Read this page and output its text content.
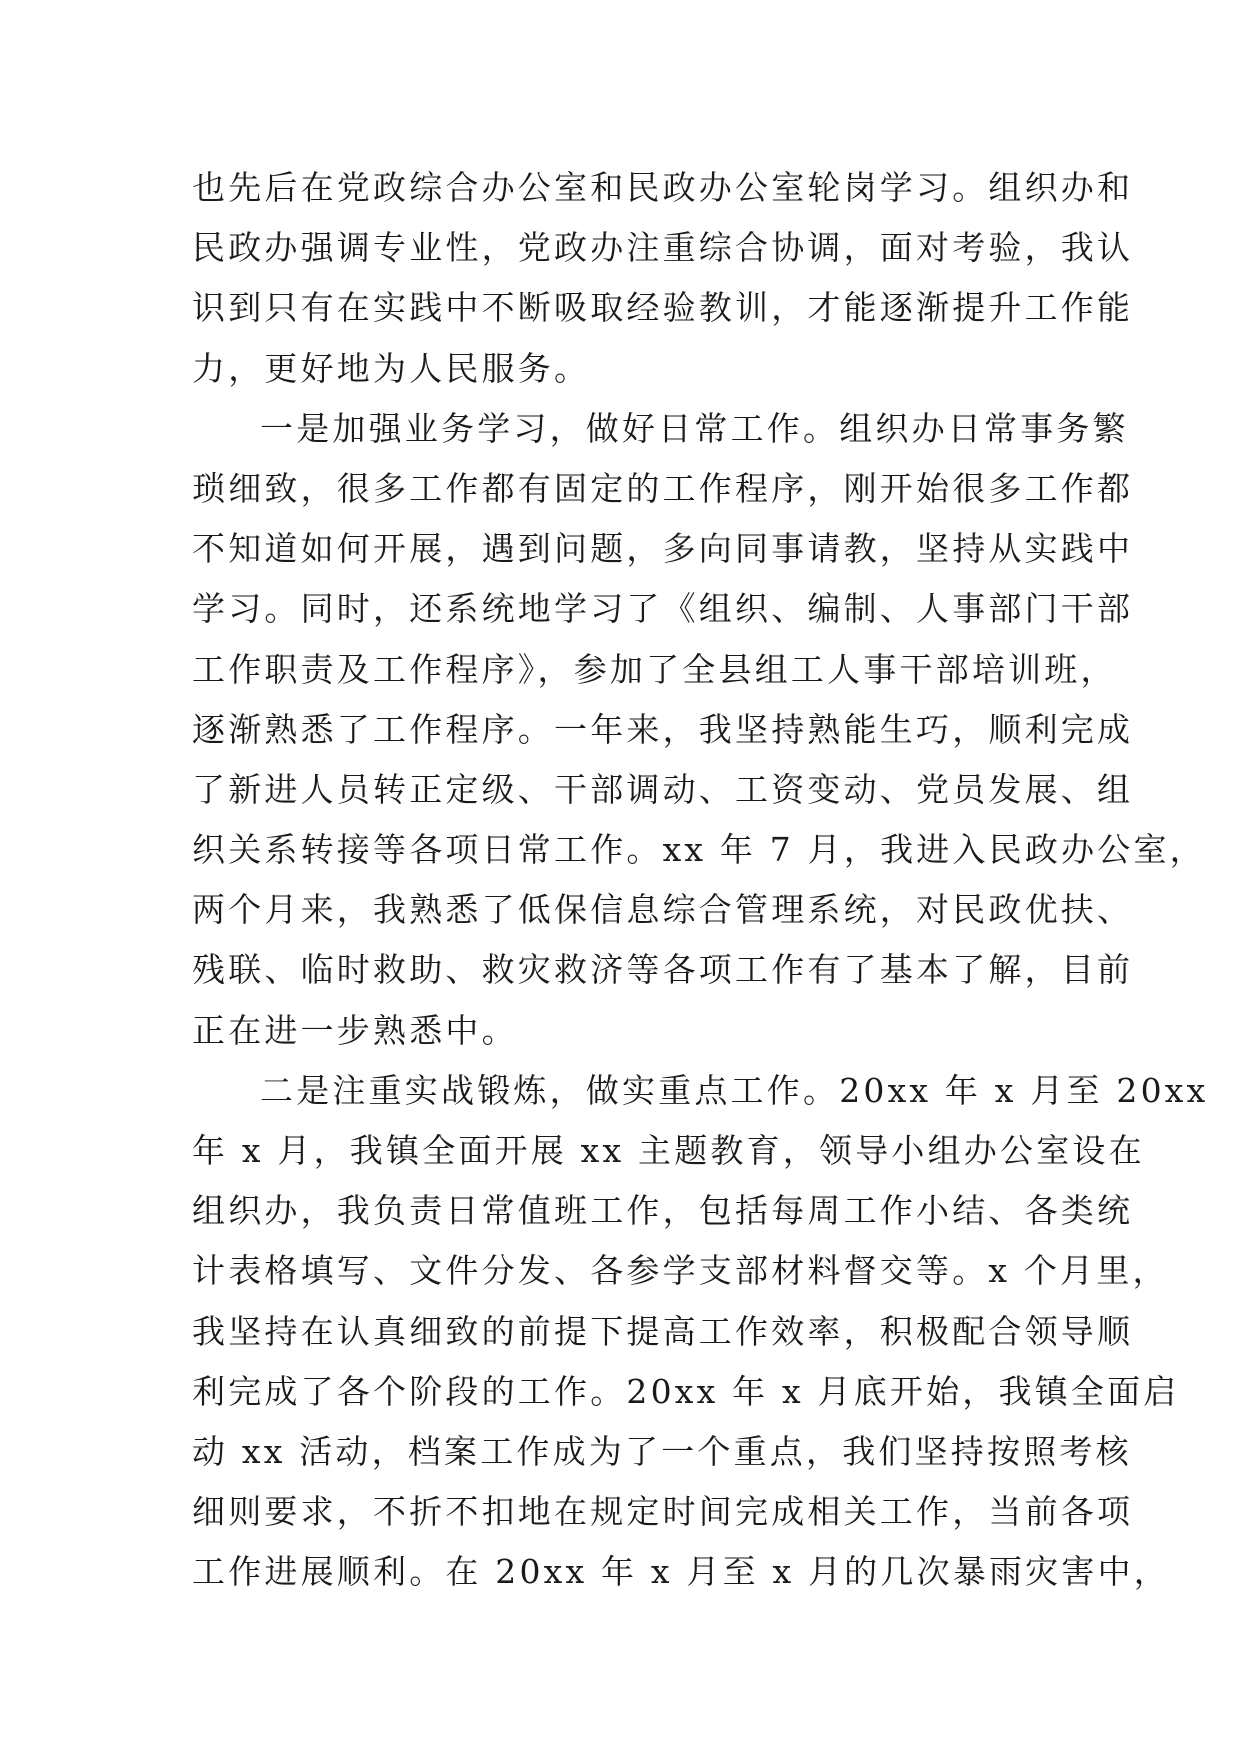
也先后在党政综合办公室和民政办公室轮岗学习。组织办和
民政办强调专业性，党政办注重综合协调，面对考验，我认
识到只有在实践中不断吸取经验教训，才能逐渐提升工作能
力，更好地为人民服务。
一是加强业务学习，做好日常工作。组织办日常事务繁
琐细致，很多工作都有固定的工作程序，刚开始很多工作都
不知道如何开展，遇到问题，多向同事请教，坚持从实践中
学习。同时，还系统地学习了《组织、编制、人事部门干部
工作职责及工作程序》，参加了全县组工人事干部培训班，
逐渐熟悉了工作程序。一年来，我坚持熟能生巧，顺利完成
了新进人员转正定级、干部调动、工资变动、党员发展、组
织关系转接等各项日常工作。xx 年 7 月，我进入民政办公室，
两个月来，我熟悉了低保信息综合管理系统，对民政优扶、
残联、临时救助、救灾救济等各项工作有了基本了解，目前
正在进一步熟悉中。
二是注重实战锻炼，做实重点工作。20xx 年 x 月至 20xx
年 x 月，我镇全面开展 xx 主题教育，领导小组办公室设在
组织办，我负责日常值班工作，包括每周工作小结、各类统
计表格填写、文件分发、各参学支部材料督交等。x 个月里，
我坚持在认真细致的前提下提高工作效率，积极配合领导顺
利完成了各个阶段的工作。20xx 年 x 月底开始，我镇全面启
动 xx 活动，档案工作成为了一个重点，我们坚持按照考核
细则要求，不折不扣地在规定时间完成相关工作，当前各项
工作进展顺利。在 20xx 年 x 月至 x 月的几次暴雨灾害中，
